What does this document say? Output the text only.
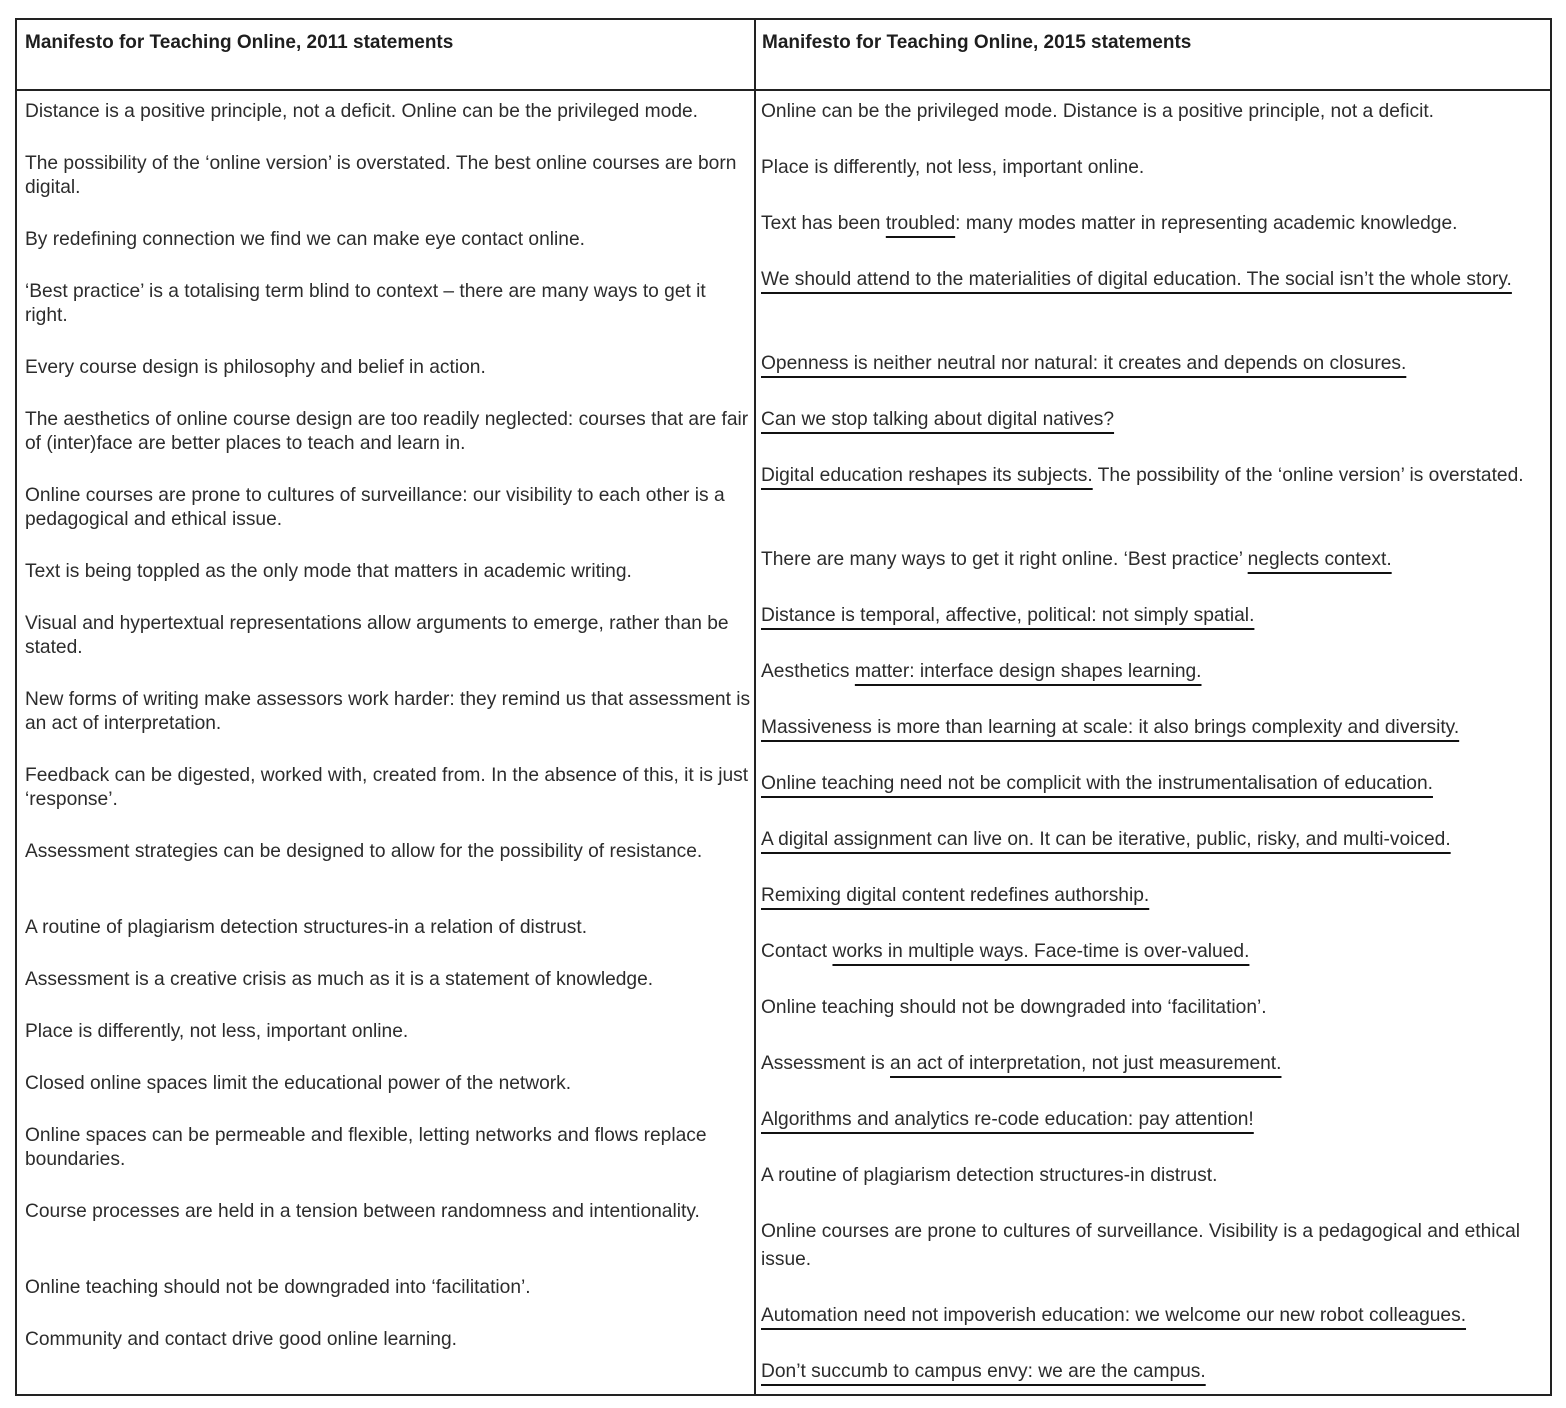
Manifesto for Teaching Online, 2011 statements	Manifesto for Teaching Online, 2015 statements
Distance is a positive principle, not a deficit. Online can be the privileged mode.
The possibility of the ‘online version’ is overstated. The best online courses are born digital.
By redefining connection we find we can make eye contact online.
‘Best practice’ is a totalising term blind to context – there are many ways to get it right.
Every course design is philosophy and belief in action.
The aesthetics of online course design are too readily neglected: courses that are fair of (inter)face are better places to teach and learn in.
Online courses are prone to cultures of surveillance: our visibility to each other is a pedagogical and ethical issue.
Text is being toppled as the only mode that matters in academic writing.
Visual and hypertextual representations allow arguments to emerge, rather than be stated.
New forms of writing make assessors work harder: they remind us that assessment is an act of interpretation.
Feedback can be digested, worked with, created from. In the absence of this, it is just ‘response’.
Assessment strategies can be designed to allow for the possibility of resistance.
A routine of plagiarism detection structures-in a relation of distrust.
Assessment is a creative crisis as much as it is a statement of knowledge.
Place is differently, not less, important online.
Closed online spaces limit the educational power of the network.
Online spaces can be permeable and flexible, letting networks and flows replace boundaries.
Course processes are held in a tension between randomness and intentionality.
Online teaching should not be downgraded into ‘facilitation’.
Community and contact drive good online learning.
Online can be the privileged mode. Distance is a positive principle, not a deficit.
Place is differently, not less, important online.
Text has been troubled: many modes matter in representing academic knowledge.
We should attend to the materialities of digital education. The social isn’t the whole story.
Openness is neither neutral nor natural: it creates and depends on closures.
Can we stop talking about digital natives?
Digital education reshapes its subjects. The possibility of the ‘online version’ is overstated.
There are many ways to get it right online. ‘Best practice’ neglects context.
Distance is temporal, affective, political: not simply spatial.
Aesthetics matter: interface design shapes learning.
Massiveness is more than learning at scale: it also brings complexity and diversity.
Online teaching need not be complicit with the instrumentalisation of education.
A digital assignment can live on. It can be iterative, public, risky, and multi-voiced.
Remixing digital content redefines authorship.
Contact works in multiple ways. Face-time is over-valued.
Online teaching should not be downgraded into ‘facilitation’.
Assessment is an act of interpretation, not just measurement.
Algorithms and analytics re-code education: pay attention!
A routine of plagiarism detection structures-in distrust.
Online courses are prone to cultures of surveillance. Visibility is a pedagogical and ethical issue.
Automation need not impoverish education: we welcome our new robot colleagues.
Don’t succumb to campus envy: we are the campus.
